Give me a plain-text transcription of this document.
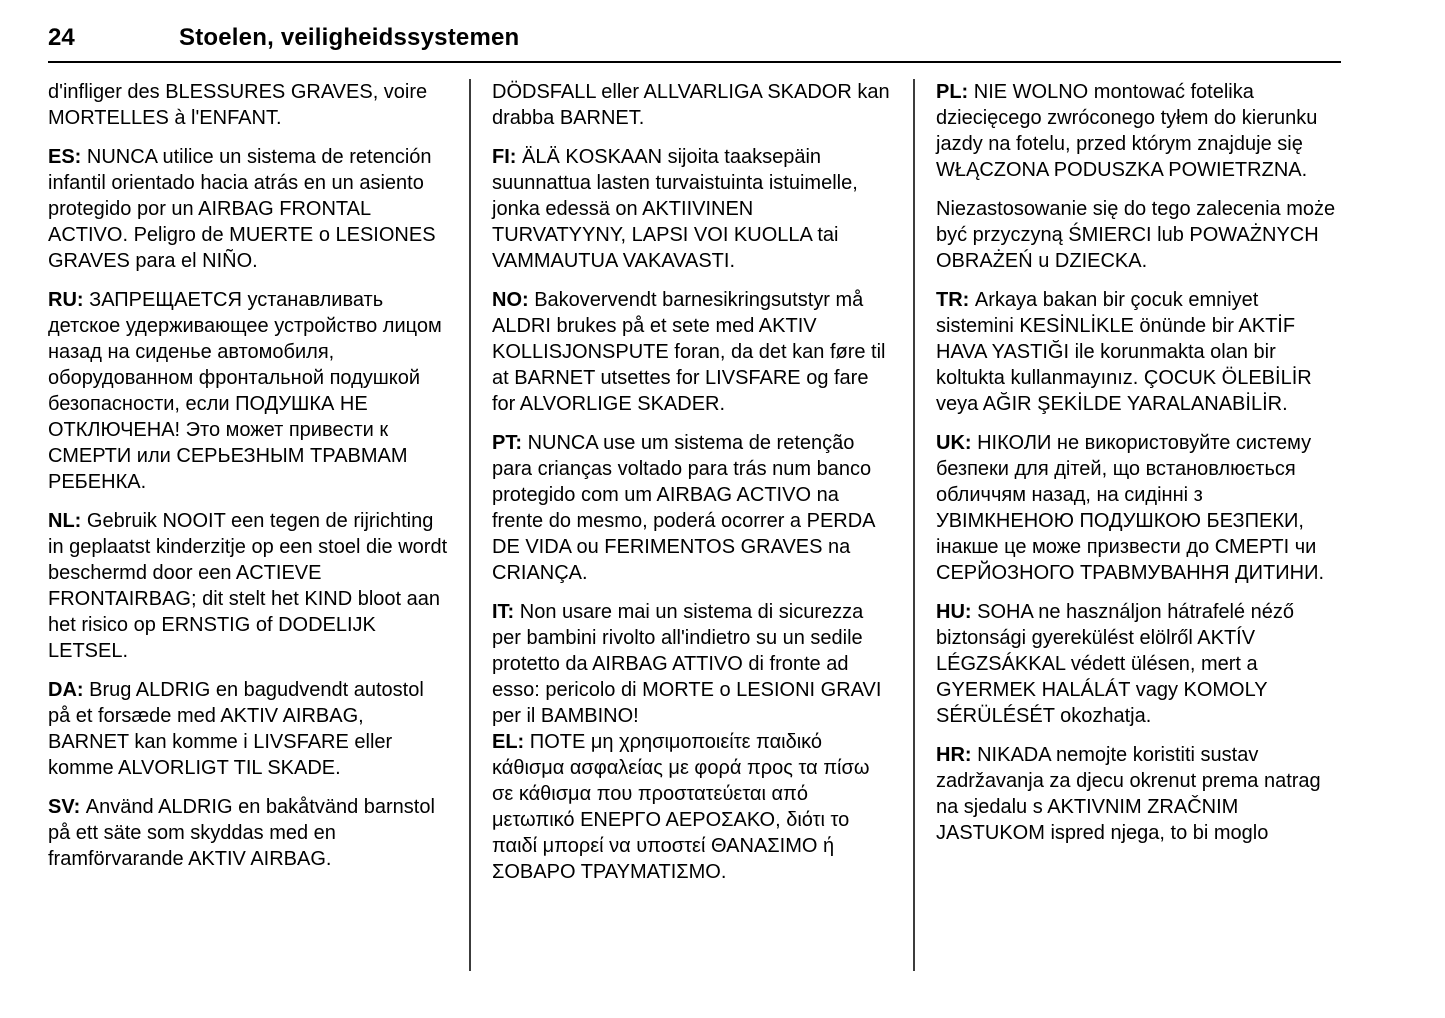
24	Stoelen, veiligheidssystemen

d'infliger des BLESSURES GRAVES, voire MORTELLES à l'ENFANT.

ES: NUNCA utilice un sistema de retención infantil orientado hacia atrás en un asiento protegido por un AIRBAG FRONTAL ACTIVO. Peligro de MUERTE o LESIONES GRAVES para el NIÑO.

RU: ЗАПРЕЩАЕТСЯ устанавливать детское удерживающее устройство лицом назад на сиденье автомобиля, оборудованном фронтальной подушкой безопасности, если ПОДУШКА НЕ ОТКЛЮЧЕНА! Это может привести к СМЕРТИ или СЕРЬЕЗНЫМ ТРАВМАМ РЕБЕНКА.

NL: Gebruik NOOIT een tegen de rijrichting in geplaatst kinderzitje op een stoel die wordt beschermd door een ACTIEVE FRONTAIRBAG; dit stelt het KIND bloot aan het risico op ERNSTIG of DODELIJK LETSEL.

DA: Brug ALDRIG en bagudvendt autostol på et forsæde med AKTIV AIRBAG, BARNET kan komme i LIVSFARE eller komme ALVORLIGT TIL SKADE.

SV: Använd ALDRIG en bakåtvänd barnstol på ett säte som skyddas med en framförvarande AKTIV AIRBAG.

DÖDSFALL eller ALLVARLIGA SKADOR kan drabba BARNET.

FI: ÄLÄ KOSKAAN sijoita taaksepäin suunnattua lasten turvaistuinta istuimelle, jonka edessä on AKTIIVINEN TURVATYYNY, LAPSI VOI KUOLLA tai VAMMAUTUA VAKAVASTI.

NO: Bakovervendt barnesikringsutstyr må ALDRI brukes på et sete med AKTIV KOLLISJONSPUTE foran, da det kan føre til at BARNET utsettes for LIVSFARE og fare for ALVORLIGE SKADER.

PT: NUNCA use um sistema de retenção para crianças voltado para trás num banco protegido com um AIRBAG ACTIVO na frente do mesmo, poderá ocorrer a PERDA DE VIDA ou FERIMENTOS GRAVES na CRIANÇA.

IT: Non usare mai un sistema di sicurezza per bambini rivolto all'indietro su un sedile protetto da AIRBAG ATTIVO di fronte ad esso: pericolo di MORTE o LESIONI GRAVI per il BAMBINO!
EL: ΠΟΤΕ μη χρησιμοποιείτε παιδικό κάθισμα ασφαλείας με φορά προς τα πίσω σε κάθισμα που προστατεύεται από μετωπικό ΕΝΕΡΓΟ ΑΕΡΟΣΑΚΟ, διότι το παιδί μπορεί να υποστεί ΘΑΝΑΣΙΜΟ ή ΣΟΒΑΡΟ ΤΡΑΥΜΑΤΙΣΜΟ.

PL: NIE WOLNO montować fotelika dziecięcego zwróconego tyłem do kierunku jazdy na fotelu, przed którym znajduje się WŁĄCZONA PODUSZKA POWIETRZNA.

Niezastosowanie się do tego zalecenia może być przyczyną ŚMIERCI lub POWAŻNYCH OBRAŻEŃ u DZIECKA.

TR: Arkaya bakan bir çocuk emniyet sistemini KESİNLİKLE önünde bir AKTİF HAVA YASTIĞI ile korunmakta olan bir koltukta kullanmayınız. ÇOCUK ÖLEBİLİR veya AĞIR ŞEKİLDE YARALANABİLİR.

UK: НІКОЛИ не використовуйте систему безпеки для дітей, що встановлюється обличчям назад, на сидінні з УВІМКНЕНОЮ ПОДУШКОЮ БЕЗПЕКИ, інакше це може призвести до СМЕРТІ чи СЕРЙОЗНОГО ТРАВМУВАННЯ ДИТИНИ.

HU: SOHA ne használjon hátrafelé néző biztonsági gyerekülést elölről AKTÍV LÉGZSÁKKAL védett ülésen, mert a GYERMEK HALÁLÁT vagy KOMOLY SÉRÜLÉSÉT okozhatja.

HR: NIKADA nemojte koristiti sustav zadržavanja za djecu okrenut prema natrag na sjedalu s AKTIVNIM ZRAČNIM JASTUKOM ispred njega, to bi moglo
